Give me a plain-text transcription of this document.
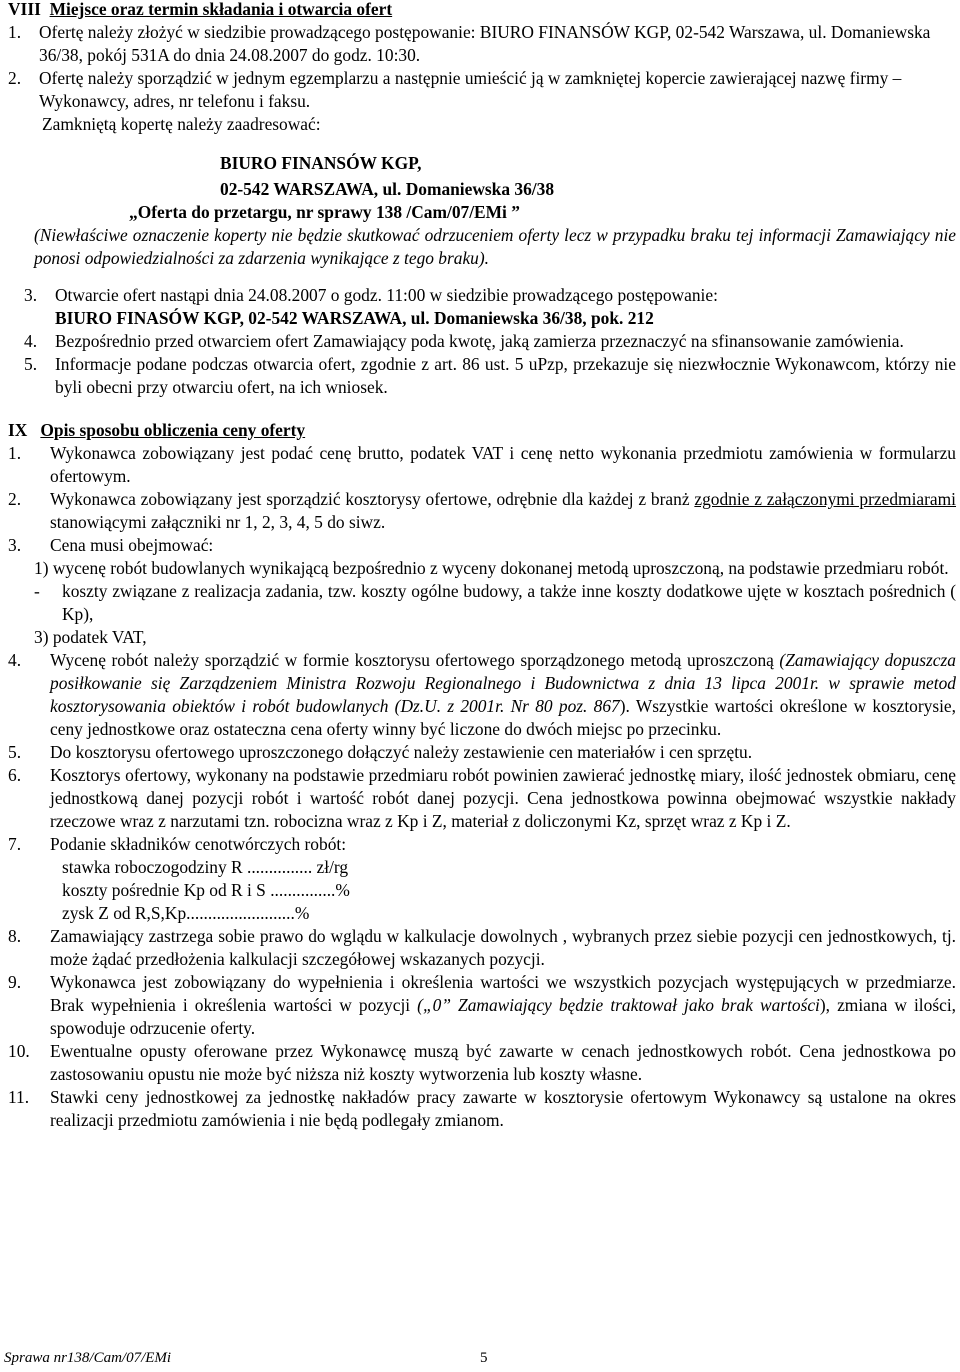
VIII Miejsce oraz termin składania i otwarcia ofert

1.	Ofertę należy złożyć w siedzibie prowadzącego postępowanie: BIURO FINANSÓW KGP, 02-542 Warszawa, ul. Domaniewska 36/38, pokój 531A do dnia 24.08.2007 do godz. 10:30.
2.	Ofertę należy sporządzić w jednym egzemplarzu a następnie umieścić ją w zamkniętej kopercie zawierającej nazwę firmy – Wykonawcy, adres, nr telefonu i faksu.

Zamkniętą kopertę należy zaadresować:

BIURO FINANSÓW KGP,

02-542 WARSZAWA, ul. Domaniewska 36/38

„Oferta do przetargu, nr sprawy 138 /Cam/07/EMi ”

(Niewłaściwe oznaczenie koperty nie będzie skutkować odrzuceniem oferty lecz w przypadku braku tej informacji Zamawiający nie ponosi odpowiedzialności za zdarzenia wynikające z tego braku).

3.	Otwarcie ofert nastąpi dnia 24.08.2007 o godz. 11:00 w siedzibie prowadzącego postępowanie:
BIURO FINASÓW KGP, 02-542 WARSZAWA, ul. Domaniewska 36/38, pok. 212
4.	Bezpośrednio przed otwarciem ofert Zamawiający poda kwotę, jaką zamierza przeznaczyć na sfinansowanie zamówienia.
5.	Informacje podane podczas otwarcia ofert, zgodnie z art. 86 ust. 5 uPzp, przekazuje się niezwłocznie Wykonawcom, którzy nie byli obecni przy otwarciu ofert, na ich wniosek.

IX Opis sposobu obliczenia ceny oferty

1.	Wykonawca zobowiązany jest podać cenę brutto, podatek VAT i cenę netto wykonania przedmiotu zamówienia w formularzu ofertowym.
2.	Wykonawca zobowiązany jest sporządzić kosztorysy ofertowe, odrębnie dla każdej z branż zgodnie z załączonymi przedmiarami stanowiącymi załączniki nr 1, 2, 3, 4, 5 do siwz.
3.	Cena musi obejmować:
1) wycenę robót budowlanych wynikającą bezpośrednio z wyceny dokonanej metodą uproszczoną, na podstawie przedmiaru robót.
-	koszty związane z realizacja zadania, tzw. koszty ogólne budowy, a także inne koszty dodatkowe ujęte w kosztach pośrednich ( Kp),

3) podatek VAT,

4.	Wycenę robót należy sporządzić w formie kosztorysu ofertowego sporządzonego metodą uproszczoną (Zamawiający dopuszcza posiłkowanie się Zarządzeniem Ministra Rozwoju Regionalnego i Budownictwa z dnia 13 lipca 2001r. w sprawie metod kosztorysowania obiektów i robót budowlanych (Dz.U. z 2001r. Nr 80 poz. 867). Wszystkie wartości określone w kosztorysie, ceny jednostkowe oraz ostateczna cena oferty winny być liczone do dwóch miejsc po przecinku.
5.	Do kosztorysu ofertowego uproszczonego dołączyć należy zestawienie cen materiałów i cen sprzętu.
6.	Kosztorys ofertowy, wykonany na podstawie przedmiaru robót powinien zawierać jednostkę miary, ilość jednostek obmiaru, cenę jednostkową danej pozycji robót i wartość robót danej pozycji. Cena jednostkowa powinna obejmować wszystkie nakłady rzeczowe wraz z narzutami tzn. robocizna wraz z Kp i Z, materiał z doliczonymi Kz, sprzęt wraz z Kp i Z.
7.	Podanie składników cenotwórczych robót:

stawka roboczogodziny R ............... zł/rg

koszty pośrednie Kp od R i S ...............%

zysk Z od R,S,Kp.........................%

8.	Zamawiający zastrzega sobie prawo do wglądu w kalkulacje dowolnych , wybranych przez siebie pozycji cen jednostkowych, tj. może żądać przedłożenia kalkulacji szczegółowej wskazanych pozycji.
9.	Wykonawca jest zobowiązany do wypełnienia i określenia wartości we wszystkich pozycjach występujących w przedmiarze. Brak wypełnienia i określenia wartości w pozycji („0” Zamawiający będzie traktował jako brak wartości), zmiana w ilości, spowoduje odrzucenie oferty.
10.	Ewentualne opusty oferowane przez Wykonawcę muszą być zawarte w cenach jednostkowych robót. Cena jednostkowa po zastosowaniu opustu nie może być niższa niż koszty wytworzenia lub koszty własne.
11.	Stawki ceny jednostkowej za jednostkę nakładów pracy zawarte w kosztorysie ofertowym Wykonawcy są ustalone na okres realizacji przedmiotu zamówienia i nie będą podlegały zmianom.
Sprawa nr138/Cam/07/EMi	5
